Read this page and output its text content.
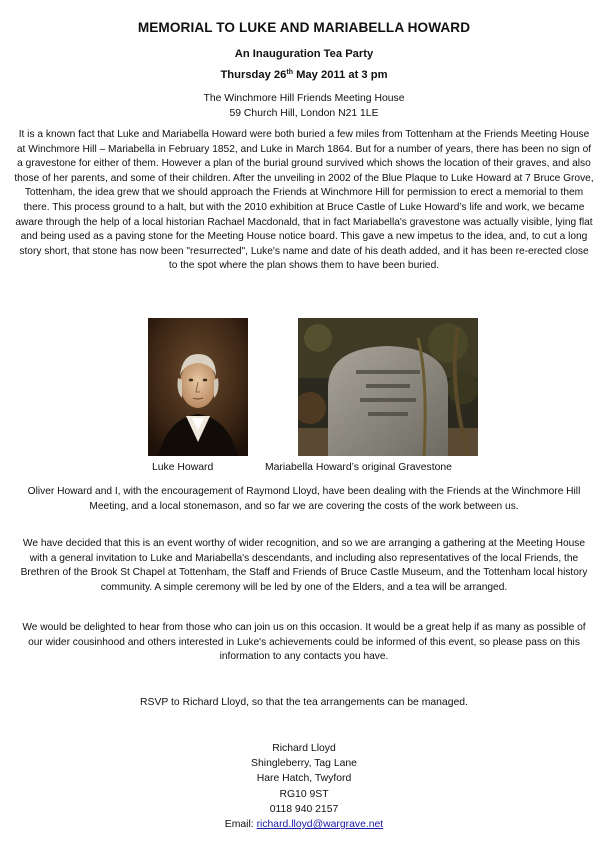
MEMORIAL TO LUKE AND MARIABELLA HOWARD
An Inauguration Tea Party
Thursday 26th May 2011 at 3 pm
The Winchmore Hill Friends Meeting House
59 Church Hill, London N21 1LE
It is a known fact that Luke and Mariabella Howard were both buried a few miles from Tottenham at the Friends Meeting House at Winchmore Hill – Mariabella in February 1852, and Luke in March 1864. But for a number of years, there has been no sign of a gravestone for either of them. However a plan of the burial ground survived which shows the location of their graves, and also those of her parents, and some of their children. After the unveiling in 2002 of the Blue Plaque to Luke Howard at 7 Bruce Grove, Tottenham, the idea grew that we should approach the Friends at Winchmore Hill for permission to erect a memorial to them there. This process ground to a halt, but with the 2010 exhibition at Bruce Castle of Luke Howard’s life and work, we became aware through the help of a local historian Rachael Macdonald, that in fact Mariabella's gravestone was actually visible, lying flat and being used as a paving stone for the Meeting House notice board. This gave a new impetus to the idea, and, to cut a long story short, that stone has now been "resurrected", Luke's name and date of his death added, and it has been re-erected close to the spot where the plan shows them to have been buried.
Luke Howard	Mariabella Howard’s original Gravestone
Oliver Howard and I, with the encouragement of Raymond Lloyd, have been dealing with the Friends at the Winchmore Hill Meeting, and a local stonemason, and so far we are covering the costs of the work between us.
We have decided that this is an event worthy of wider recognition, and so we are arranging a gathering at the Meeting House with a general invitation to Luke and Mariabella's descendants, and including also representatives of the local Friends, the Brethren of the Brook St Chapel at Tottenham, the Staff and Friends of Bruce Castle Museum, and the Tottenham local history community. A simple ceremony will be led by one of the Elders, and a tea will be arranged.
We would be delighted to hear from those who can join us on this occasion. It would be a great help if as many as possible of our wider cousinhood and others interested in Luke's achievements could be informed of this event, so please pass on this information to any contacts you have.
RSVP to Richard Lloyd, so that the tea arrangements can be managed.
Richard Lloyd
Shingleberry, Tag Lane
Hare Hatch, Twyford
RG10 9ST
0118 940 2157
Email: richard.lloyd@wargrave.net
